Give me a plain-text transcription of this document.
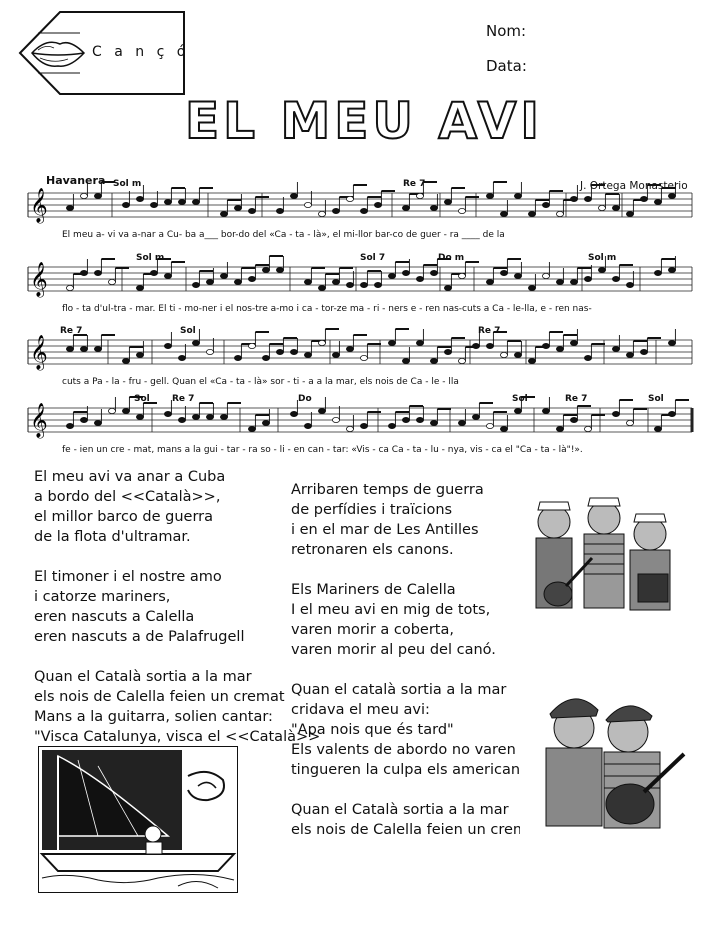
C a n ç ó
Nom:
Data:
EL MEU AVI
Havanera	J. Ortega Monasterio
𝄞
𝄞
𝄞
𝄞
Sol m	Re 7
El meu a- vi va a-nar a Cu- ba a___ bor-do del «Ca - ta - là», el mi-llor bar-co de guer - ra ____ de la
Sol m	Sol 7	Do m	Sol m
flo - ta d'ul-tra - mar. El ti - mo-ner i el nos-tre a-mo i ca - tor-ze ma - ri - ners e - ren nas-cuts a Ca - le-lla, e - ren nas-
Re 7	Sol	Re 7
cuts a Pa - la - fru - gell. Quan el «Ca - ta - là» sor - ti - a a la mar, els nois de Ca - le - lla
Sol Re 7	Do	Sol	Re 7	Sol
fe - ien un cre - mat, mans a la gui - tar - ra so - li - en can - tar: «Vis - ca Ca - ta - lu - nya, vis - ca el "Ca - ta - là"!».
El meu avi va anar a Cuba
a bordo del <<Català>>,
el millor barco de guerra
de la flota d'ultramar.
El timoner i el nostre amo
i catorze mariners,
eren nascuts a Calella
eren nascuts a de Palafrugell
Quan el Català sortia a la mar
els nois de Calella feien un cremat
Mans a la guitarra, solien cantar:
"Visca Catalunya, visca el <<Català>>
Arribaren temps de guerra
de perfídies i traïcions
i en el mar de Les Antilles
retronaren els canons.
Els Mariners de Calella
I el meu avi en mig de tots,
varen morir a coberta,
varen morir al peu del canó.
Quan el català sortia a la mar
cridava el meu avi:
"Apa nois que és tard"
Els valents de abordo no varen tor
tingueren la culpa els americans.
Quan el Català sortia a la mar
els nois de Calella feien un cremat.
